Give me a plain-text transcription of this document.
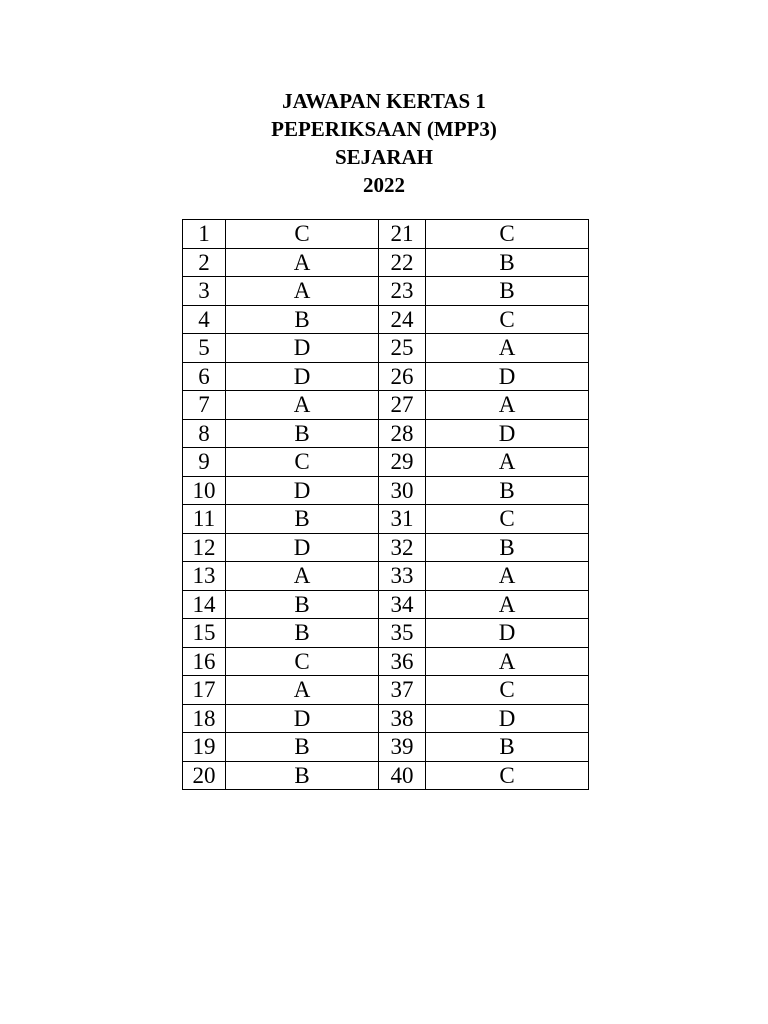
JAWAPAN KERTAS 1
PEPERIKSAAN (MPP3)
SEJARAH
2022
1	C	21	C
2	A	22	B
3	A	23	B
4	B	24	C
5	D	25	A
6	D	26	D
7	A	27	A
8	B	28	D
9	C	29	A
10	D	30	B
11	B	31	C
12	D	32	B
13	A	33	A
14	B	34	A
15	B	35	D
16	C	36	A
17	A	37	C
18	D	38	D
19	B	39	B
20	B	40	C
